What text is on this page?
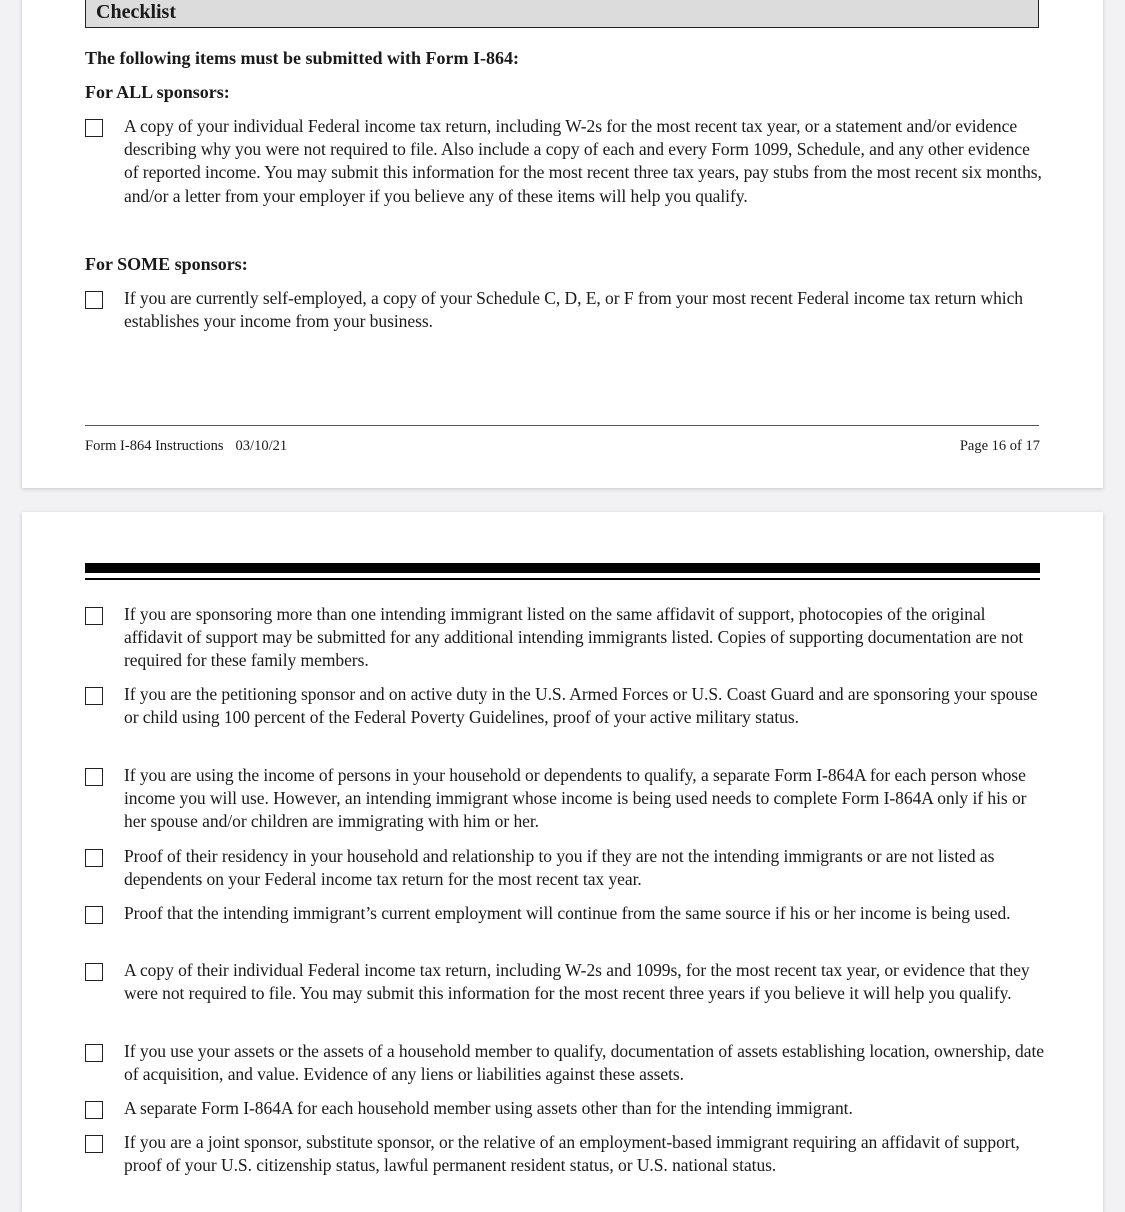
Checklist
The following items must be submitted with Form I-864:
For ALL sponsors:
A copy of your individual Federal income tax return, including W-2s for the most recent tax year, or a statement and/or evidence describing why you were not required to file. Also include a copy of each and every Form 1099, Schedule, and any other evidence of reported income. You may submit this information for the most recent three tax years, pay stubs from the most recent six months, and/or a letter from your employer if you believe any of these items will help you qualify.
For SOME sponsors:
If you are currently self-employed, a copy of your Schedule C, D, E, or F from your most recent Federal income tax return which establishes your income from your business.
Form I-864 Instructions 03/10/21	Page 16 of 17
If you are sponsoring more than one intending immigrant listed on the same affidavit of support, photocopies of the original affidavit of support may be submitted for any additional intending immigrants listed. Copies of supporting documentation are not required for these family members.
If you are the petitioning sponsor and on active duty in the U.S. Armed Forces or U.S. Coast Guard and are sponsoring your spouse or child using 100 percent of the Federal Poverty Guidelines, proof of your active military status.
If you are using the income of persons in your household or dependents to qualify, a separate Form I-864A for each person whose income you will use. However, an intending immigrant whose income is being used needs to complete Form I-864A only if his or her spouse and/or children are immigrating with him or her.
Proof of their residency in your household and relationship to you if they are not the intending immigrants or are not listed as dependents on your Federal income tax return for the most recent tax year.
Proof that the intending immigrant’s current employment will continue from the same source if his or her income is being used.
A copy of their individual Federal income tax return, including W-2s and 1099s, for the most recent tax year, or evidence that they were not required to file. You may submit this information for the most recent three years if you believe it will help you qualify.
If you use your assets or the assets of a household member to qualify, documentation of assets establishing location, ownership, date of acquisition, and value. Evidence of any liens or liabilities against these assets.
A separate Form I-864A for each household member using assets other than for the intending immigrant.
If you are a joint sponsor, substitute sponsor, or the relative of an employment-based immigrant requiring an affidavit of support, proof of your U.S. citizenship status, lawful permanent resident status, or U.S. national status.
